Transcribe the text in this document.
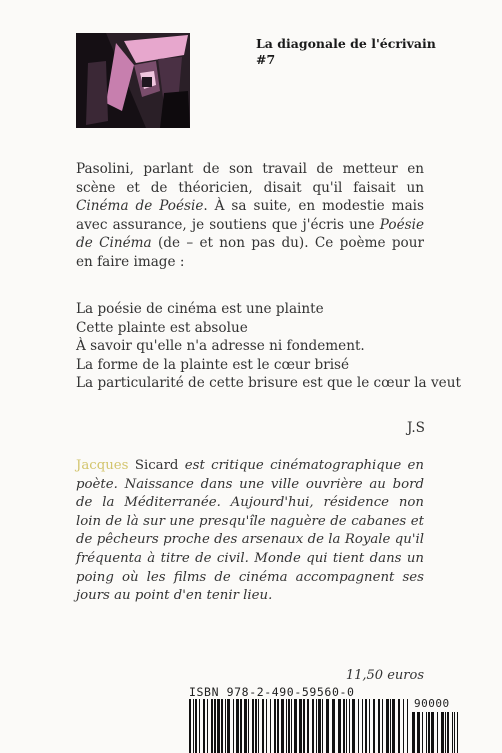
La diagonale de l'écrivain
#7

Pasolini, parlant de son travail de metteur en scène et de théoricien, disait qu'il faisait un Cinéma de Poésie. À sa suite, en modestie mais avec assurance, je soutiens que j'écris une Poésie de Cinéma (de – et non pas du). Ce poème pour en faire image :

La poésie de cinéma est une plainte
Cette plainte est absolue
À savoir qu'elle n'a adresse ni fondement.
La forme de la plainte est le cœur brisé
La particularité de cette brisure est que le cœur la veut
J.S

Jacques Sicard est critique cinématographique en poète. Naissance dans une ville ouvrière au bord de la Méditerranée. Aujourd'hui, résidence non loin de là sur une presqu'île naguère de cabanes et de pêcheurs proche des arsenaux de la Royale qu'il fréquenta à titre de civil. Monde qui tient dans un poing où les films de cinéma accompagnent ses jours au point d'en tenir lieu.

11,50 euros
ISBN 978-2-490-59560-0
90000
